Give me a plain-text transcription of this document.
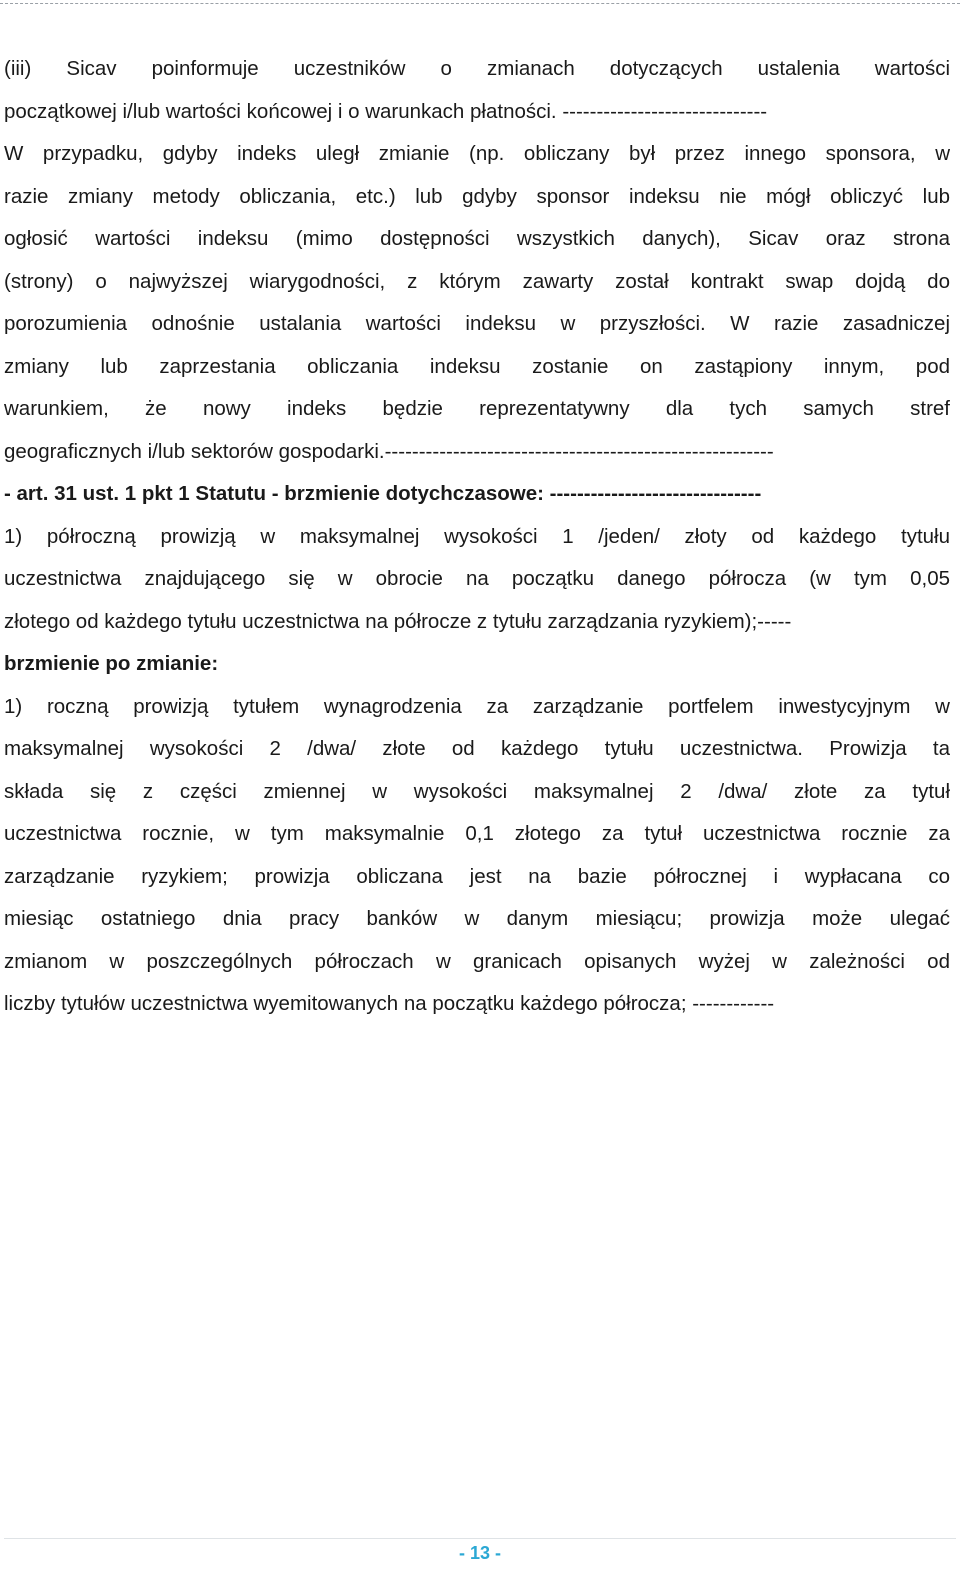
(iii) Sicav poinformuje uczestników o zmianach dotyczących ustalenia wartości
początkowej i/lub wartości końcowej i o warunkach płatności. ------------------------------
W przypadku, gdyby indeks uległ zmianie (np. obliczany był przez innego sponsora, w
razie zmiany metody obliczania, etc.) lub gdyby sponsor indeksu nie mógł obliczyć lub
ogłosić wartości indeksu (mimo dostępności wszystkich danych), Sicav oraz strona
(strony) o najwyższej wiarygodności, z którym zawarty został kontrakt swap dojdą do
porozumienia odnośnie ustalania wartości indeksu w przyszłości. W razie zasadniczej
zmiany lub zaprzestania obliczania indeksu zostanie on zastąpiony innym, pod
warunkiem, że nowy indeks będzie reprezentatywny dla tych samych stref
geograficznych i/lub sektorów gospodarki.---------------------------------------------------------
- art. 31 ust. 1 pkt 1 Statutu - brzmienie dotychczasowe: -------------------------------
1) półroczną prowizją w maksymalnej wysokości 1 /jeden/ złoty od każdego tytułu
uczestnictwa znajdującego się w obrocie na początku danego półrocza (w tym 0,05
złotego od każdego tytułu uczestnictwa na półrocze z tytułu zarządzania ryzykiem);-----
brzmienie po zmianie:
1) roczną prowizją tytułem wynagrodzenia za zarządzanie portfelem inwestycyjnym w
maksymalnej wysokości 2 /dwa/ złote od każdego tytułu uczestnictwa. Prowizja ta
składa się z części zmiennej w wysokości maksymalnej 2 /dwa/ złote za tytuł
uczestnictwa rocznie, w tym maksymalnie 0,1 złotego za tytuł uczestnictwa rocznie za
zarządzanie ryzykiem; prowizja obliczana jest na bazie półrocznej i wypłacana co
miesiąc ostatniego dnia pracy banków w danym miesiącu; prowizja może ulegać
zmianom w poszczególnych półroczach w granicach opisanych wyżej w zależności od
liczby tytułów uczestnictwa wyemitowanych na początku każdego półrocza; ------------
- 13 -
